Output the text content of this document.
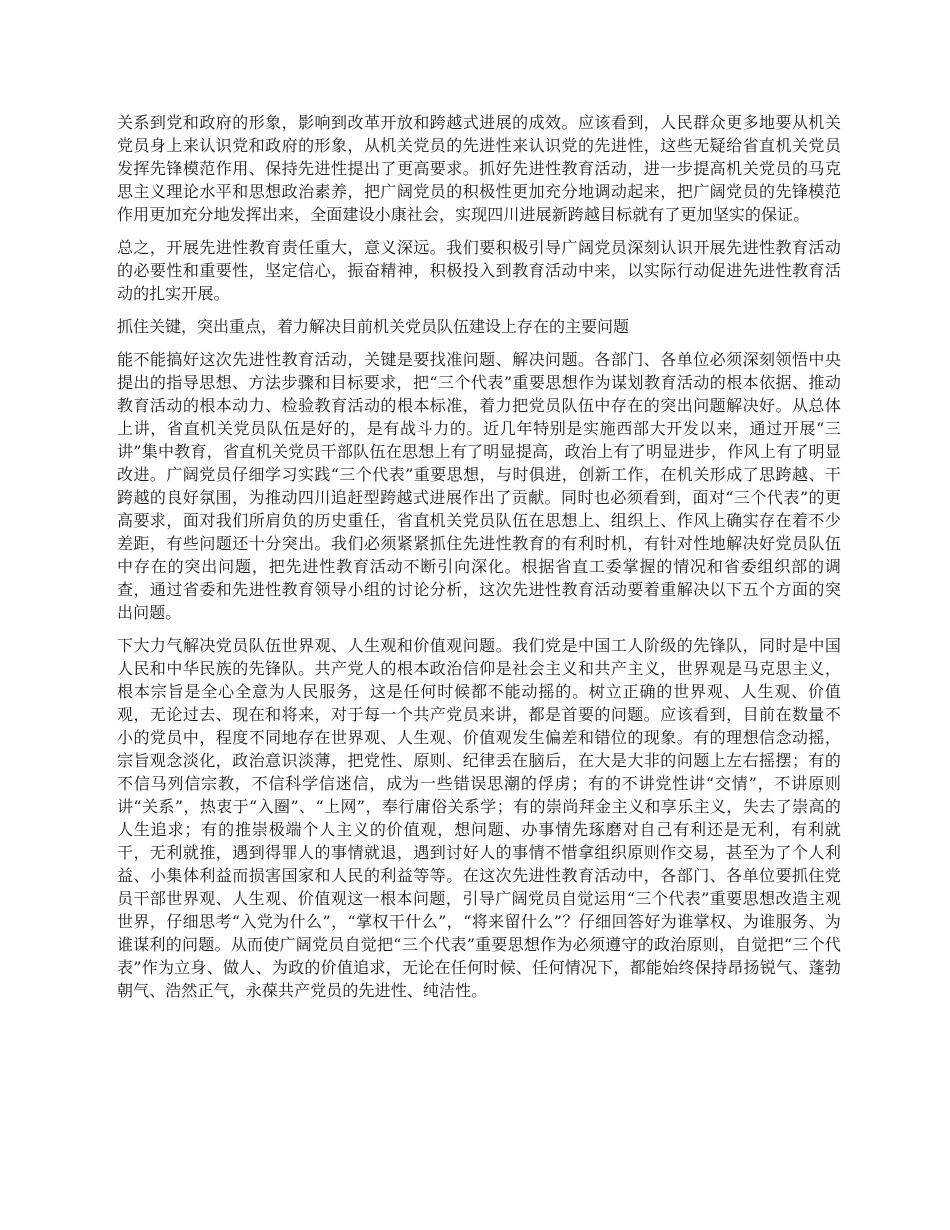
关系到党和政府的形象，影响到改革开放和跨越式进展的成效。应该看到，人民群众更多地要从机关党员身上来认识党和政府的形象，从机关党员的先进性来认识党的先进性，这些无疑给省直机关党员发挥先锋模范作用、保持先进性提出了更高要求。抓好先进性教育活动，进一步提高机关党员的马克思主义理论水平和思想政治素养，把广阔党员的积极性更加充分地调动起来，把广阔党员的先锋模范作用更加充分地发挥出来，全面建设小康社会，实现四川进展新跨越目标就有了更加坚实的保证。

总之，开展先进性教育责任重大，意义深远。我们要积极引导广阔党员深刻认识开展先进性教育活动的必要性和重要性，坚定信心，振奋精神，积极投入到教育活动中来，以实际行动促进先进性教育活动的扎实开展。

抓住关键，突出重点，着力解决目前机关党员队伍建设上存在的主要问题

能不能搞好这次先进性教育活动，关键是要找准问题、解决问题。各部门、各单位必须深刻领悟中央提出的指导思想、方法步骤和目标要求，把“三个代表”重要思想作为谋划教育活动的根本依据、推动教育活动的根本动力、检验教育活动的根本标准，着力把党员队伍中存在的突出问题解决好。从总体上讲，省直机关党员队伍是好的，是有战斗力的。近几年特别是实施西部大开发以来，通过开展“三讲”集中教育，省直机关党员干部队伍在思想上有了明显提高，政治上有了明显进步，作风上有了明显改进。广阔党员仔细学习实践“三个代表”重要思想，与时俱进，创新工作，在机关形成了思跨越、干跨越的良好氛围，为推动四川追赶型跨越式进展作出了贡献。同时也必须看到，面对“三个代表”的更高要求，面对我们所肩负的历史重任，省直机关党员队伍在思想上、组织上、作风上确实存在着不少差距，有些问题还十分突出。我们必须紧紧抓住先进性教育的有利时机，有针对性地解决好党员队伍中存在的突出问题，把先进性教育活动不断引向深化。根据省直工委掌握的情况和省委组织部的调查，通过省委和先进性教育领导小组的讨论分析，这次先进性教育活动要着重解决以下五个方面的突出问题。

下大力气解决党员队伍世界观、人生观和价值观问题。我们党是中国工人阶级的先锋队，同时是中国人民和中华民族的先锋队。共产党人的根本政治信仰是社会主义和共产主义，世界观是马克思主义，根本宗旨是全心全意为人民服务，这是任何时候都不能动摇的。树立正确的世界观、人生观、价值观，无论过去、现在和将来，对于每一个共产党员来讲，都是首要的问题。应该看到，目前在数量不小的党员中，程度不同地存在世界观、人生观、价值观发生偏差和错位的现象。有的理想信念动摇，宗旨观念淡化，政治意识淡薄，把党性、原则、纪律丢在脑后，在大是大非的问题上左右摇摆；有的不信马列信宗教，不信科学信迷信，成为一些错误思潮的俘虏；有的不讲党性讲“交情”，不讲原则讲“关系”，热衷于“入圈”、“上网”，奉行庸俗关系学；有的崇尚拜金主义和享乐主义，失去了崇高的人生追求；有的推崇极端个人主义的价值观，想问题、办事情先琢磨对自己有利还是无利，有利就干，无利就推，遇到得罪人的事情就退，遇到讨好人的事情不惜拿组织原则作交易，甚至为了个人利益、小集体利益而损害国家和人民的利益等等。在这次先进性教育活动中，各部门、各单位要抓住党员干部世界观、人生观、价值观这一根本问题，引导广阔党员自觉运用“三个代表”重要思想改造主观世界，仔细思考“入党为什么”，“掌权干什么”，“将来留什么”？仔细回答好为谁掌权、为谁服务、为谁谋利的问题。从而使广阔党员自觉把“三个代表”重要思想作为必须遵守的政治原则，自觉把“三个代表”作为立身、做人、为政的价值追求，无论在任何时候、任何情况下，都能始终保持昂扬锐气、蓬勃朝气、浩然正气，永葆共产党员的先进性、纯洁性。
